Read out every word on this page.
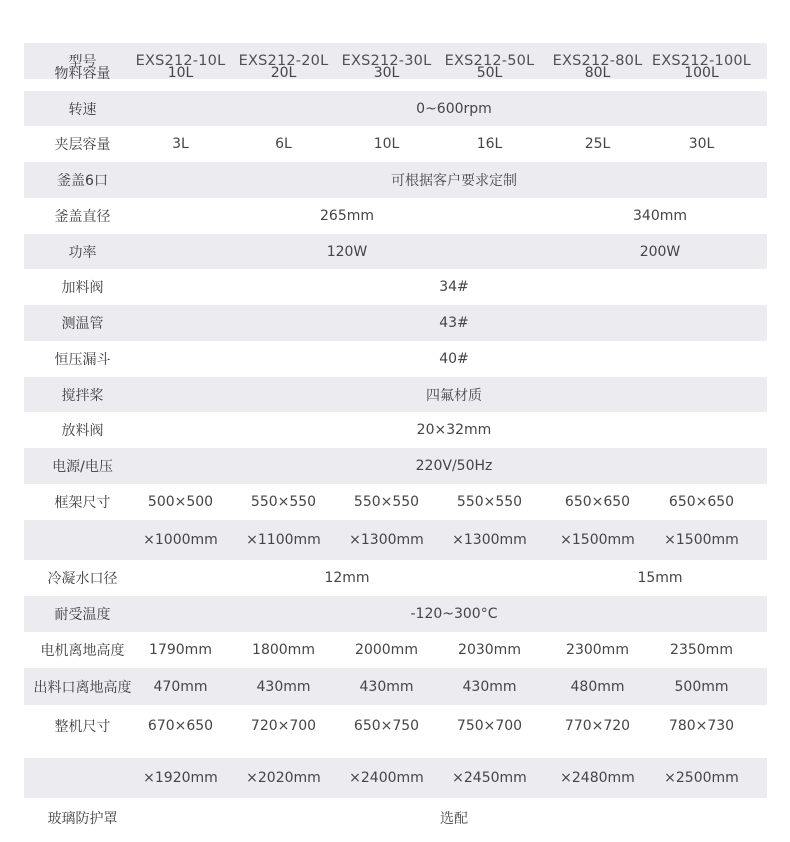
型号	EXS212-10L EXS212-20L EXS212-30L EXS212-50L	EXS212-80L EXS212-100L
物料容量	10L	20L	30L	50L	80L	100L
转速	0~600rpm
夹层容量	3L	6L	10L	16L	25L	30L
釜盖6口	可根据客户要求定制
釜盖直径	265mm	340mm
功率	120W	200W
加料阀	34#
测温管	43#
恒压漏斗	40#
搅拌桨	四氟材质
放料阀	20×32mm
电源/电压	220V/50Hz
框架尺寸	500×500	550×550	550×550	550×550	650×650	650×650
×1000mm	×1100mm	×1300mm	×1300mm	×1500mm	×1500mm
冷凝水口径	12mm	15mm
耐受温度	-120~300°C
电机离地高度	1790mm	1800mm	2000mm	2030mm	2300mm	2350mm
出料口离地高度	470mm	430mm	430mm	430mm	480mm	500mm
整机尺寸	670×650	720×700	650×750	750×700	770×720	780×730
×1920mm	×2020mm	×2400mm	×2450mm	×2480mm	×2500mm
玻璃防护罩	选配
